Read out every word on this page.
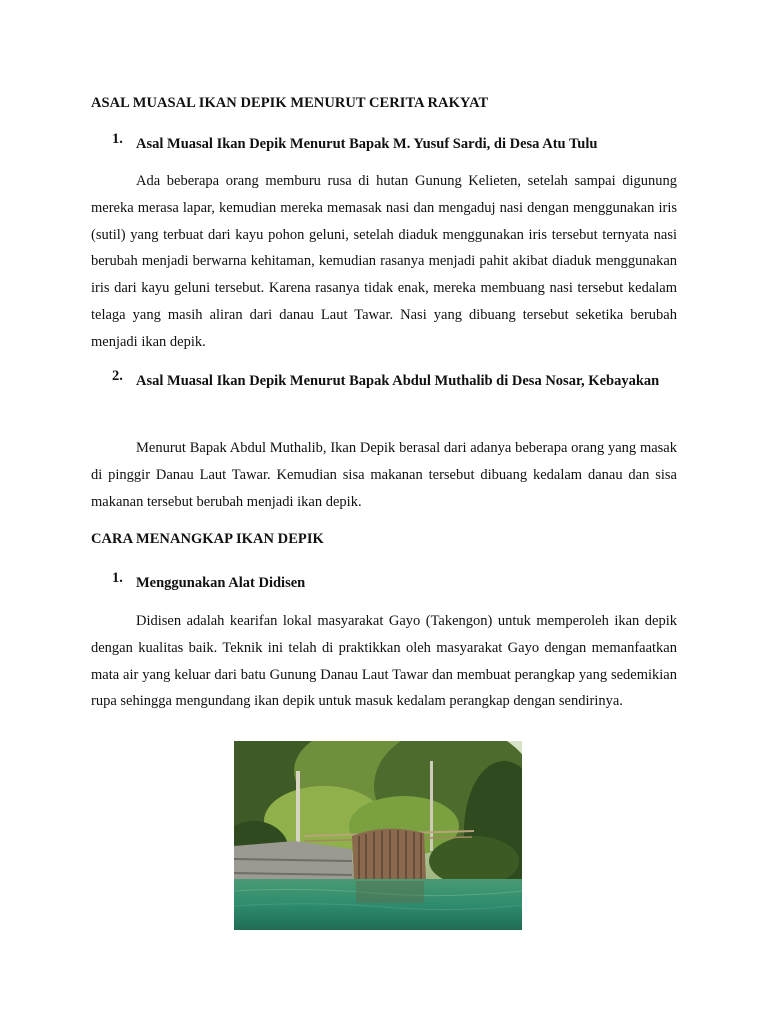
ASAL MUASAL IKAN DEPIK MENURUT CERITA RAKYAT
1. Asal Muasal Ikan Depik Menurut Bapak M. Yusuf Sardi, di Desa Atu Tulu

Ada beberapa orang memburu rusa di hutan Gunung Kelieten, setelah sampai digunung mereka merasa lapar, kemudian mereka memasak nasi dan mengaduj nasi dengan menggunakan iris (sutil) yang terbuat dari kayu pohon geluni, setelah diaduk menggunakan iris tersebut ternyata nasi berubah menjadi berwarna kehitaman, kemudian rasanya menjadi pahit akibat diaduk menggunakan iris dari kayu geluni tersebut. Karena rasanya tidak enak, mereka membuang nasi tersebut kedalam telaga yang masih aliran dari danau Laut Tawar. Nasi yang dibuang tersebut seketika berubah menjadi ikan depik.

2. Asal Muasal Ikan Depik Menurut Bapak Abdul Muthalib di Desa Nosar, Kebayakan

Menurut Bapak Abdul Muthalib, Ikan Depik berasal dari adanya beberapa orang yang masak di pinggir Danau Laut Tawar. Kemudian sisa makanan tersebut dibuang kedalam danau dan sisa makanan tersebut berubah menjadi ikan depik.

CARA MENANGKAP IKAN DEPIK
1. Menggunakan Alat Didisen

Didisen adalah kearifan lokal masyarakat Gayo (Takengon) untuk memperoleh ikan depik dengan kualitas baik. Teknik ini telah di praktikkan oleh masyarakat Gayo dengan memanfaatkan mata air yang keluar dari batu Gunung Danau Laut Tawar dan membuat perangkap yang sedemikian rupa sehingga mengundang ikan depik untuk masuk kedalam perangkap dengan sendirinya.
